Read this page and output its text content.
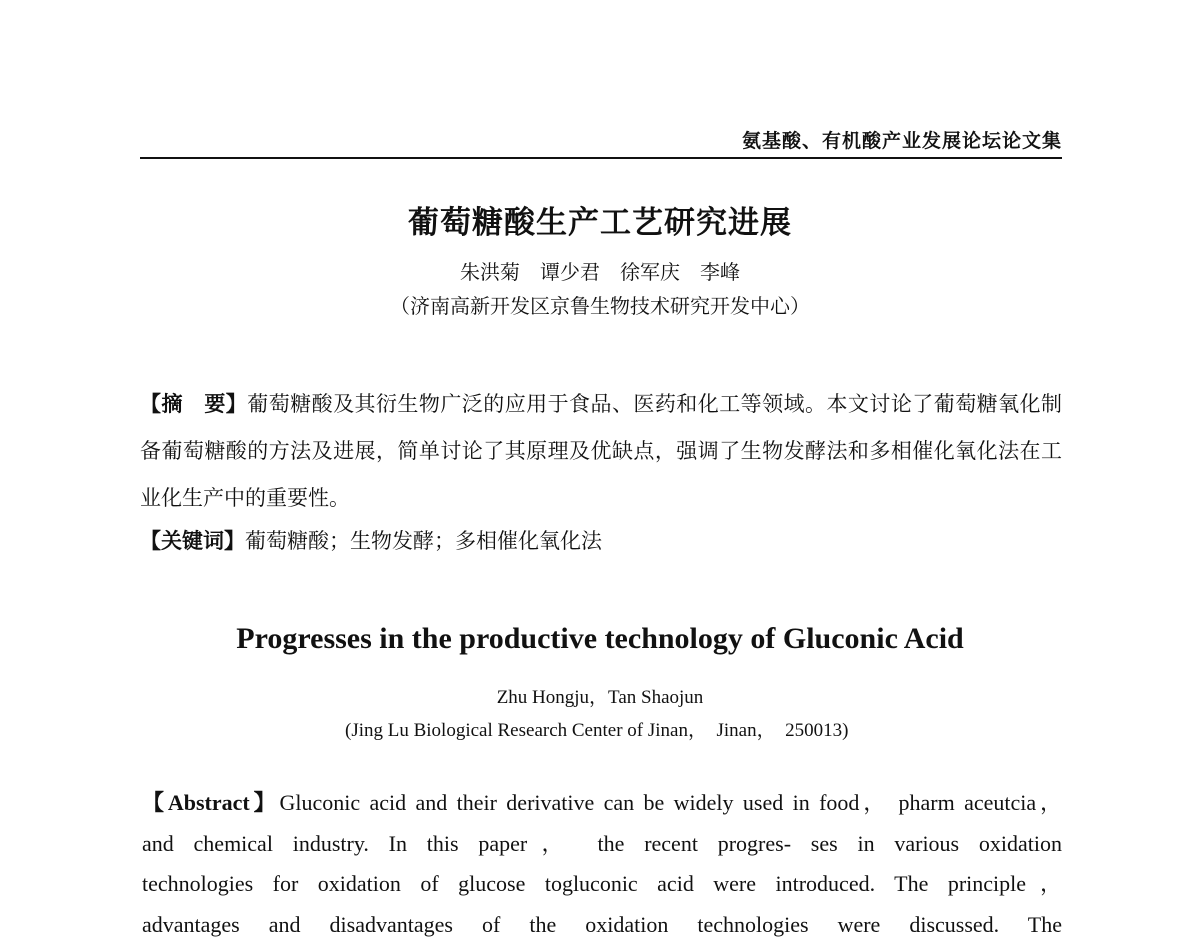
氨基酸、有机酸产业发展论坛论文集
葡萄糖酸生产工艺研究进展
朱洪菊　谭少君　徐军庆　李峰
（济南高新开发区京鲁生物技术研究开发中心）
【摘　要】葡萄糖酸及其衍生物广泛的应用于食品、医药和化工等领域。本文讨论了葡萄糖氧化制备葡萄糖酸的方法及进展，简单讨论了其原理及优缺点，强调了生物发酵法和多相催化氧化法在工业化生产中的重要性。
【关键词】葡萄糖酸；生物发酵；多相催化氧化法
Progresses in the productive technology of Gluconic Acid
Zhu Hongju，Tan Shaojun
(Jing Lu Biological Research Center of Jinan，  Jinan，  250013)
【Abstract】Gluconic acid and their derivative can be widely used in food， pharm aceutcia，
and chemical industry. In this paper， the recent progres- ses in various oxidation
technologies for oxidation of glucose togluconic acid were introduced. The principle，
advantages and disadvantages of the oxidation technologies were discussed. The
